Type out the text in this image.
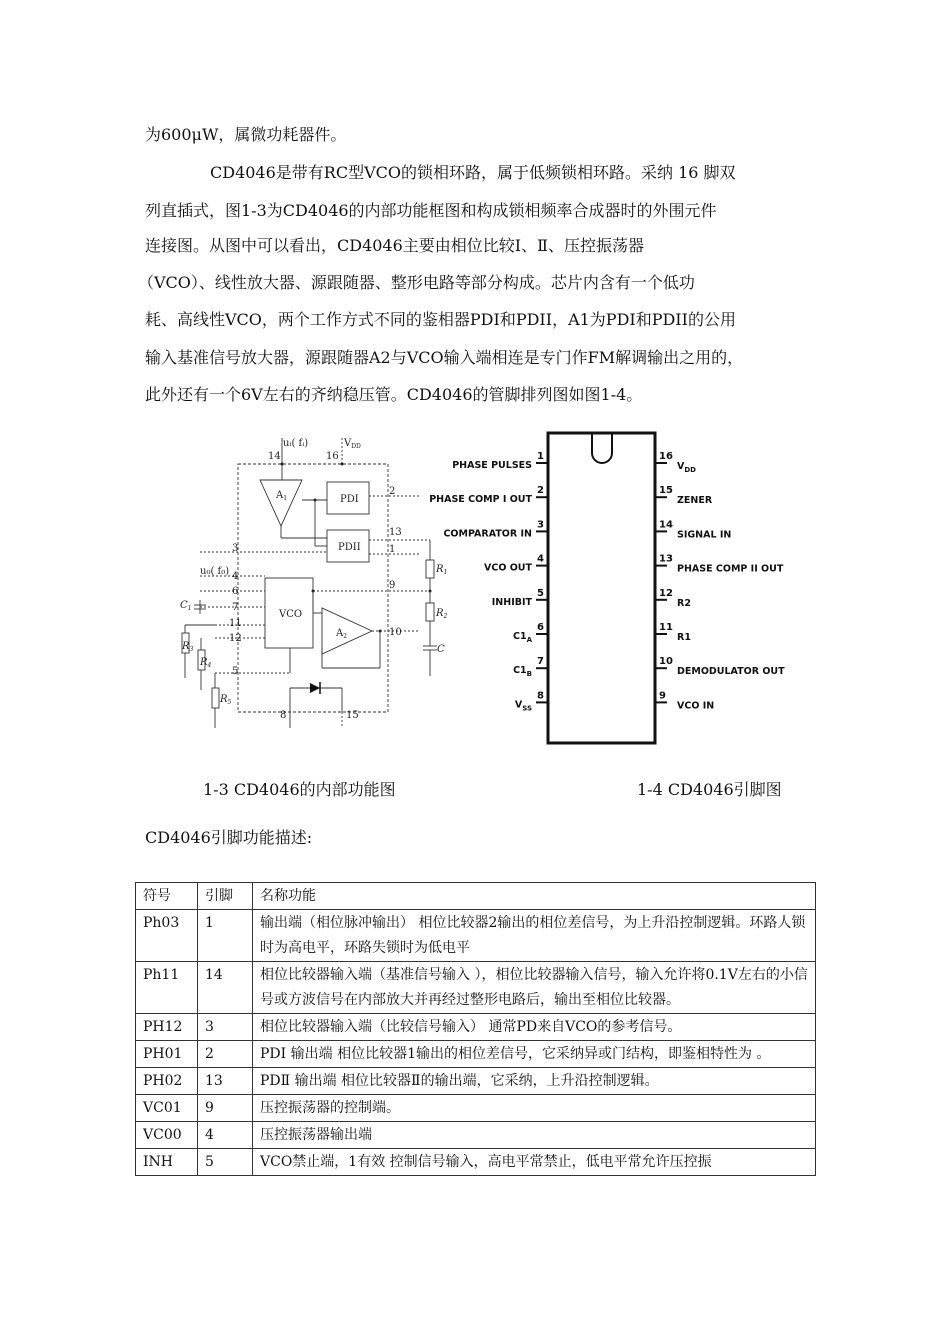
为600μW，属微功耗器件。
CD4046是带有RC型VCO的锁相环路，属于低频锁相环路。采纳 16 脚双
列直插式，图1-3为CD4046的内部功能框图和构成锁相频率合成器时的外围元件
连接图。从图中可以看出，CD4046主要由相位比较Ⅰ、Ⅱ、压控振荡器
（VCO）、线性放大器、源跟随器、整形电路等部分构成。芯片内含有一个低功
耗、高线性VCO，两个工作方式不同的鉴相器PDI和PDII，A1为PDI和PDII的公用
输入基准信号放大器，源跟随器A2与VCO输入端相连是专门作FM解调输出之用的，
此外还有一个6V左右的齐纳稳压管。CD4046的管脚排列图如图1-4。
uᵢ( fᵢ)	$V_{DD}$
14	16
$A_1$	PDI
PDII
VCO
$A_2$
u₀( f₀)
$C_1$
2
13
1
9
10
3
4
6
7
11
12
5
8	15
$R_1$
$R_2$
C
$R_3$
$R_4$
$R_5$
1
PHASE PULSES
2
PHASE COMP I OUT
3
COMPARATOR IN
4
VCO OUT
5
INHIBIT
6
$C1_A$
7
$C1_B$
8
$V_{SS}$
16
$V_{DD}$
15
ZENER
14
SIGNAL IN
13
PHASE COMP II OUT
12
R2
11
R1
10
DEMODULATOR OUT
9
VCO IN
1-3 CD4046的内部功能图	1-4 CD4046引脚图
CD4046引脚功能描述:
符号	引脚	名称功能
Ph03	1	输出端（相位脉冲输出） 相位比较器2输出的相位差信号，为上升沿控制逻辑。环路人锁时为高电平，环路失锁时为低电平
Ph11	14	相位比较器输入端（基准信号输入 ），相位比较器输入信号，输入允许将0.1V左右的小信号或方波信号在内部放大并再经过整形电路后，输出至相位比较器。
PH12	3	相位比较器输入端（比较信号输入） 通常PD来自VCO的参考信号。
PH01	2	PDⅠ 输出端 相位比较器1输出的相位差信号，它采纳异或门结构，即鉴相特性为 。
PH02	13	PDⅡ 输出端 相位比较器Ⅱ的输出端，它采纳，上升沿控制逻辑。
VC01	9	压控振荡器的控制端。
VC00	4	压控振荡器输出端
INH	5	VCO禁止端，1有效 控制信号输入，高电平常禁止，低电平常允许压控振
